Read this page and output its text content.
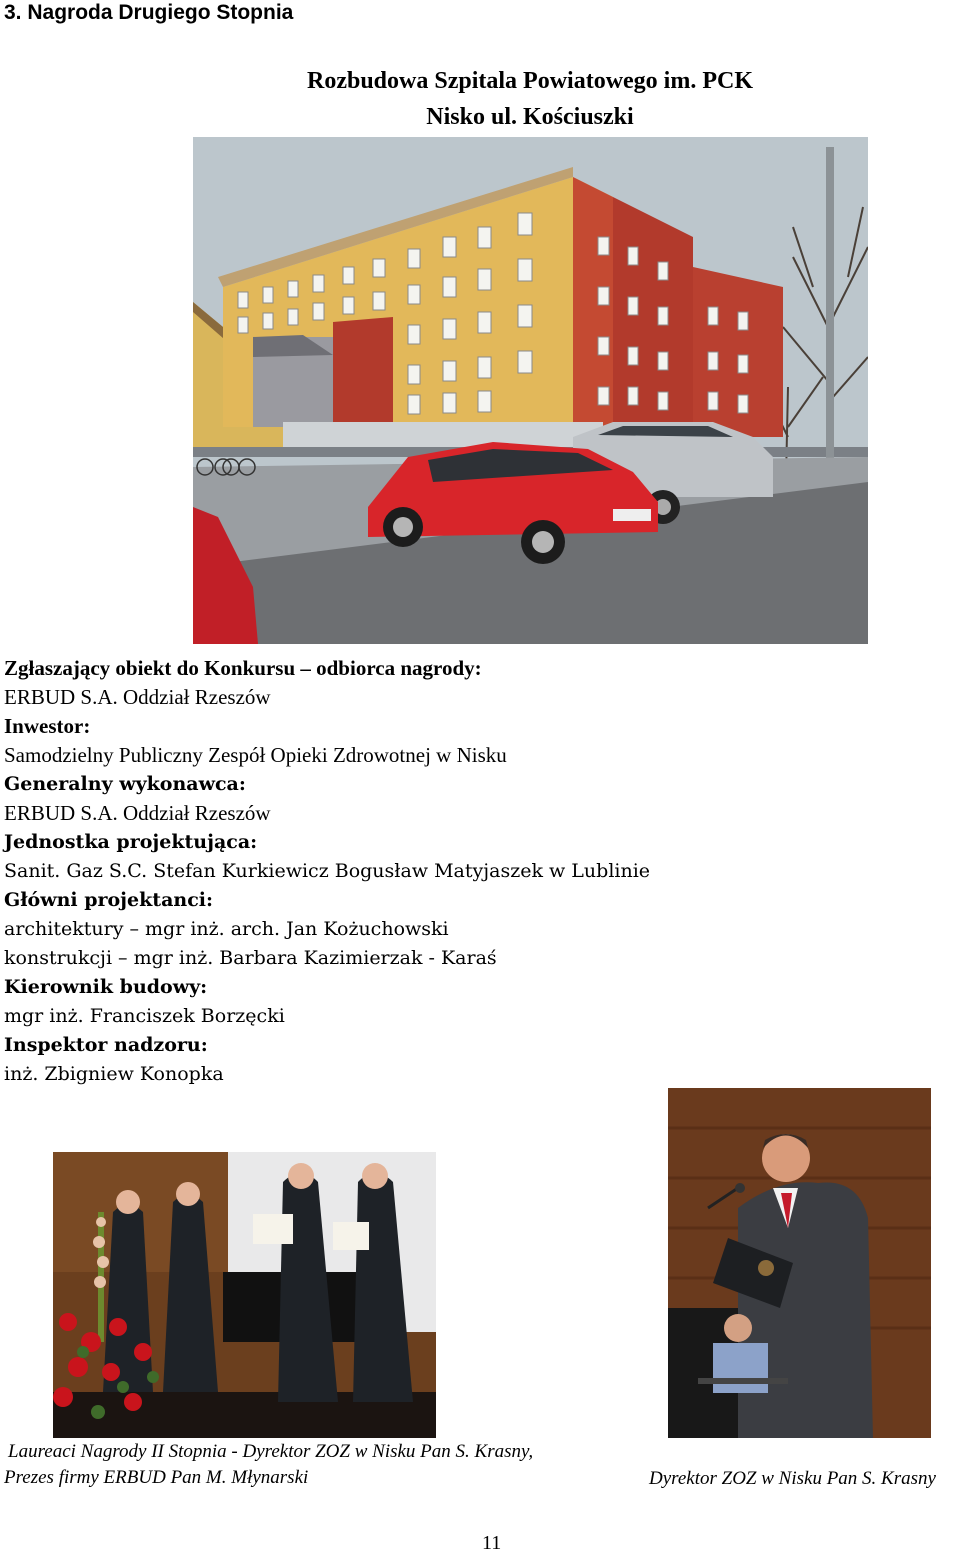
3. Nagroda Drugiego Stopnia
Rozbudowa Szpitala Powiatowego im. PCK
Nisko ul. Kościuszki
Zgłaszający obiekt do Konkursu – odbiorca nagrody:
ERBUD S.A. Oddział Rzeszów
Inwestor:
Samodzielny Publiczny Zespół Opieki Zdrowotnej w Nisku
Generalny wykonawca:
ERBUD S.A. Oddział Rzeszów
Jednostka projektująca:
Sanit. Gaz S.C. Stefan Kurkiewicz Bogusław Matyjaszek w Lublinie
Główni projektanci:
architektury – mgr inż. arch. Jan Kożuchowski
konstrukcji – mgr inż. Barbara Kazimierzak - Karaś
Kierownik budowy:
mgr inż. Franciszek Borzęcki
Inspektor nadzoru:
inż. Zbigniew Konopka
Laureaci Nagrody II Stopnia - Dyrektor ZOZ w Nisku Pan S. Krasny,
Prezes firmy ERBUD Pan M. Młynarski	Dyrektor ZOZ w Nisku Pan S. Krasny
11
